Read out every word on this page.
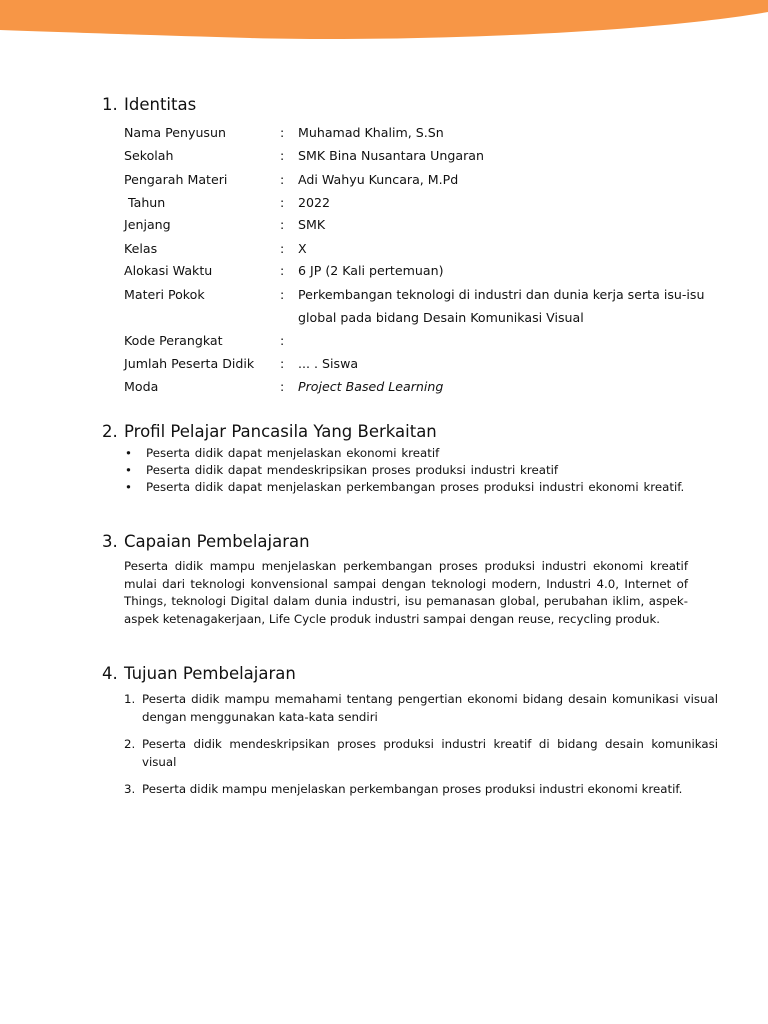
1. Identitas
Nama Penyusun	: Muhamad Khalim, S.Sn
Sekolah	: SMK Bina Nusantara Ungaran
Pengarah Materi	: Adi Wahyu Kuncara, M.Pd
Tahun	: 2022
Jenjang	: SMK
Kelas	: X
Alokasi Waktu	: 6 JP (2 Kali pertemuan)
Materi Pokok	: Perkembangan teknologi di industri dan dunia kerja serta isu-isu
global pada bidang Desain Komunikasi Visual
Kode Perangkat	:
Jumlah Peserta Didik : ... . Siswa
Moda	: Project Based Learning
2. Profil Pelajar Pancasila Yang Berkaitan
• Peserta didik dapat menjelaskan ekonomi kreatif
• Peserta didik dapat mendeskripsikan proses produksi industri kreatif
• Peserta didik dapat menjelaskan perkembangan proses produksi industri ekonomi kreatif.
3. Capaian Pembelajaran

Peserta didik mampu menjelaskan perkembangan proses produksi industri ekonomi kreatif mulai dari teknologi konvensional sampai dengan teknologi modern, Industri 4.0, Internet of Things, teknologi Digital dalam dunia industri, isu pemanasan global, perubahan iklim, aspek-aspek ketenagakerjaan, Life Cycle produk industri sampai dengan reuse, recycling produk.

4. Tujuan Pembelajaran
1. Peserta didik mampu memahami tentang pengertian ekonomi bidang desain komunikasi visual dengan menggunakan kata-kata sendiri
2. Peserta didik mendeskripsikan proses produksi industri kreatif di bidang desain komunikasi visual
3. Peserta didik mampu menjelaskan perkembangan proses produksi industri ekonomi kreatif.
